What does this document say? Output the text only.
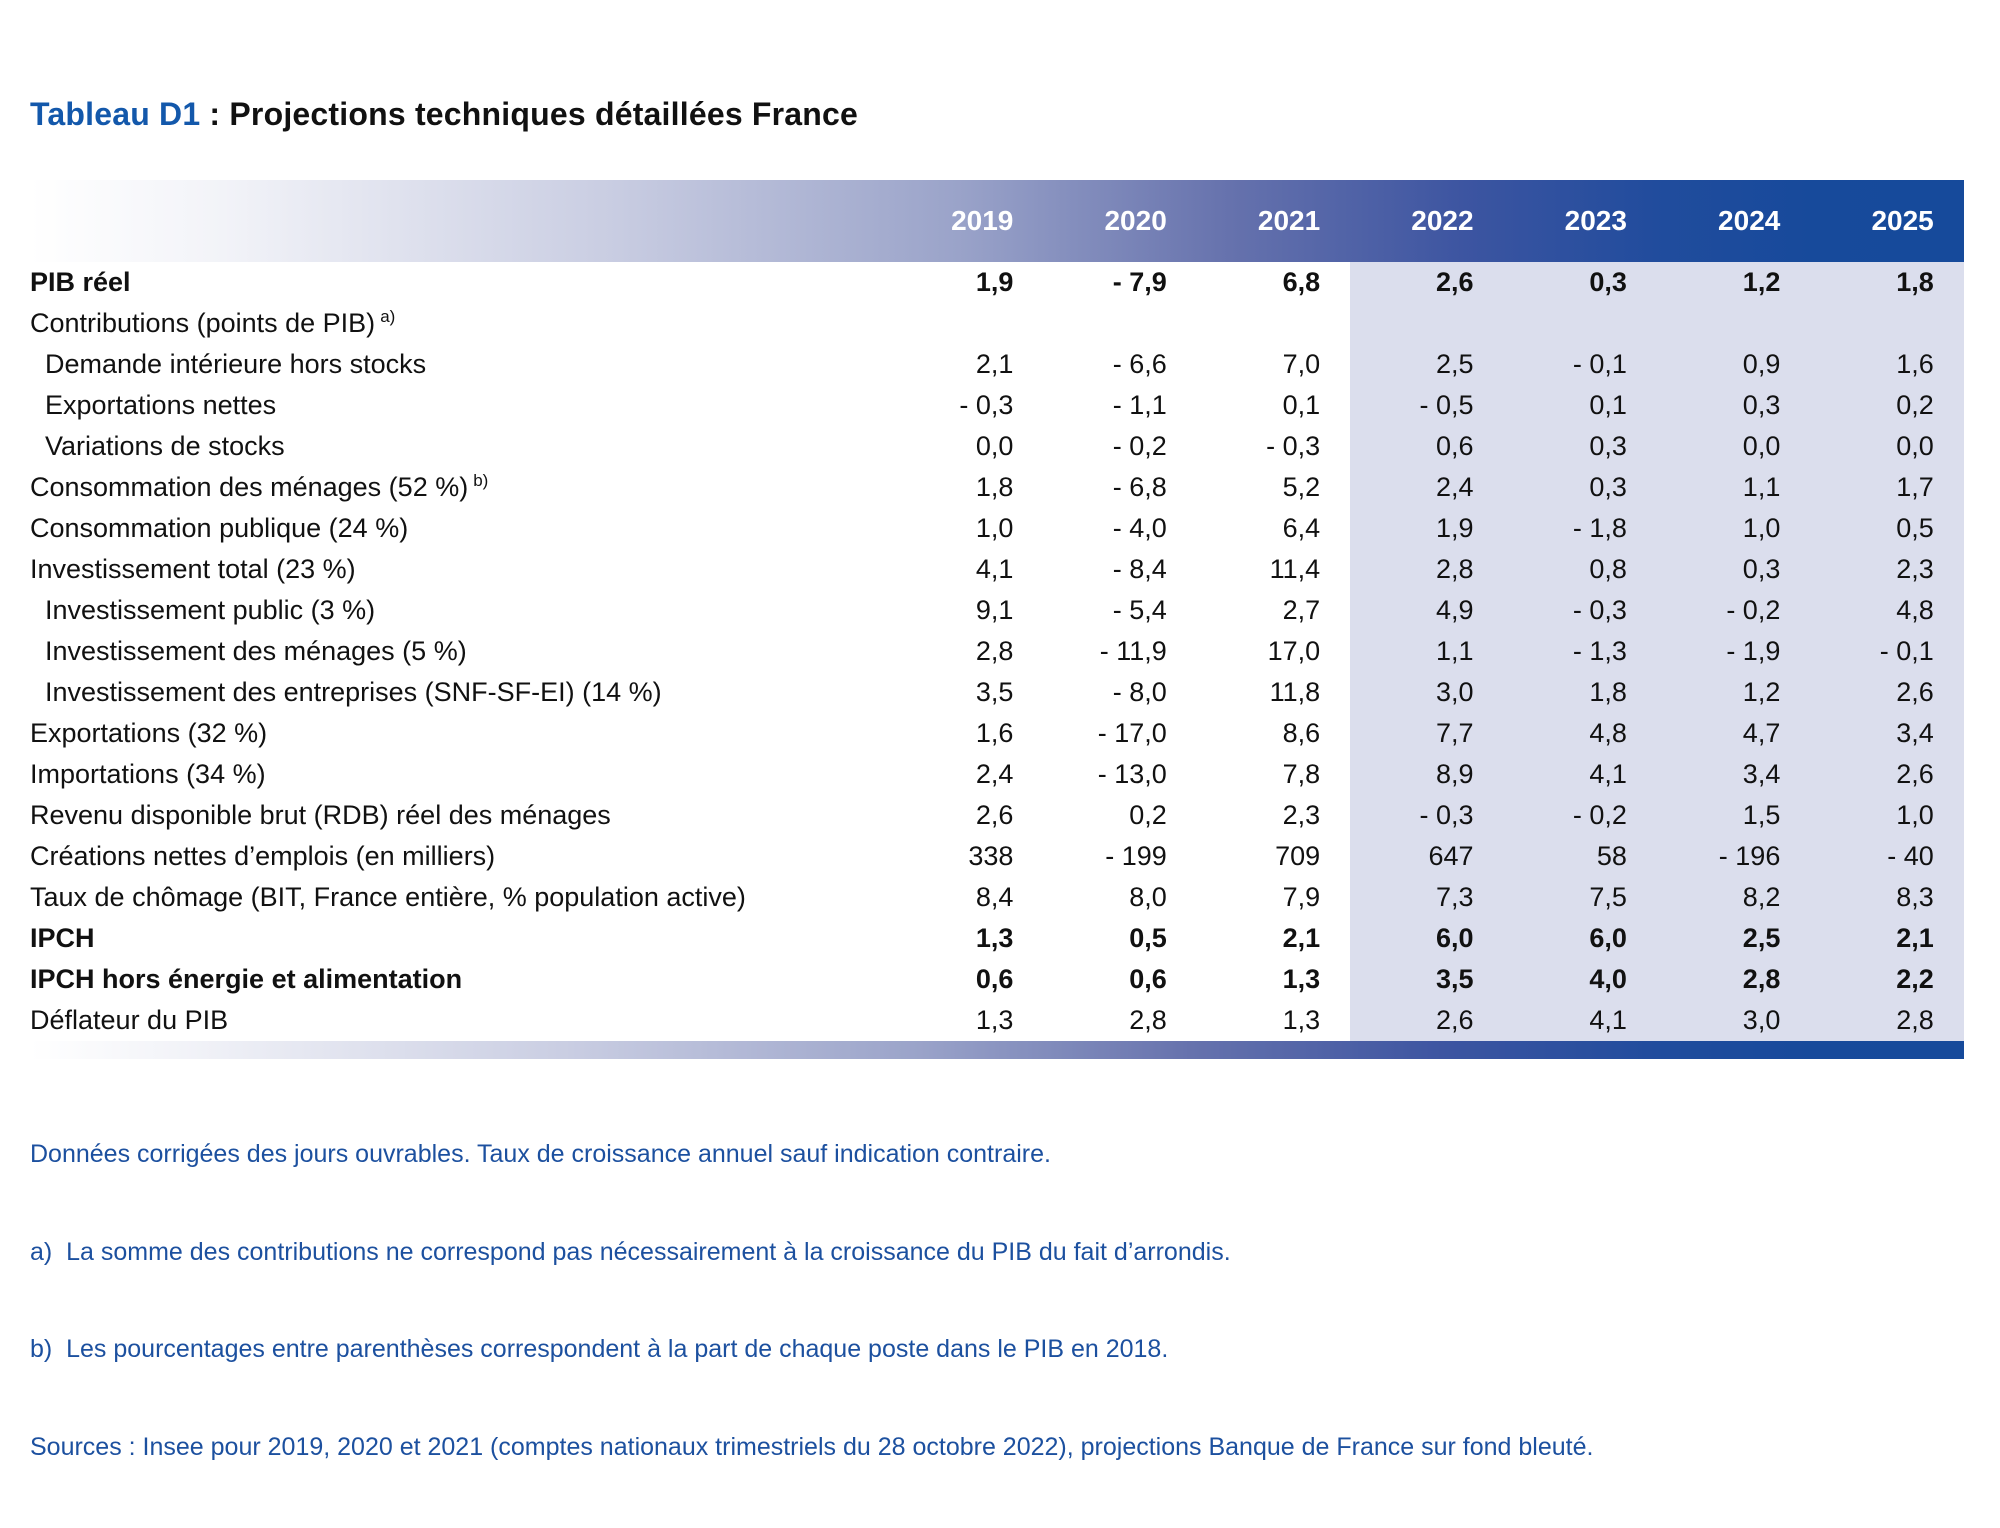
Tableau D1 : Projections techniques détaillées France
2019	2020	2021	2022	2023	2024	2025
PIB réel	1,9	- 7,9	6,8	2,6	0,3	1,2	1,8
Contributions (points de PIB) $^{a)}$
Demande intérieure hors stocks	2,1	- 6,6	7,0	2,5	- 0,1	0,9	1,6
Exportations nettes	- 0,3	- 1,1	0,1	- 0,5	0,1	0,3	0,2
Variations de stocks	0,0	- 0,2	- 0,3	0,6	0,3	0,0	0,0
Consommation des ménages (52 %) $^{b)}$	1,8	- 6,8	5,2	2,4	0,3	1,1	1,7
Consommation publique (24 %)	1,0	- 4,0	6,4	1,9	- 1,8	1,0	0,5
Investissement total (23 %)	4,1	- 8,4	11,4	2,8	0,8	0,3	2,3
Investissement public (3 %)	9,1	- 5,4	2,7	4,9	- 0,3	- 0,2	4,8
Investissement des ménages (5 %)	2,8	- 11,9	17,0	1,1	- 1,3	- 1,9	- 0,1
Investissement des entreprises (SNF-SF-EI) (14 %)	3,5	- 8,0	11,8	3,0	1,8	1,2	2,6
Exportations (32 %)	1,6	- 17,0	8,6	7,7	4,8	4,7	3,4
Importations (34 %)	2,4	- 13,0	7,8	8,9	4,1	3,4	2,6
Revenu disponible brut (RDB) réel des ménages	2,6	0,2	2,3	- 0,3	- 0,2	1,5	1,0
Créations nettes d’emplois (en milliers)	338	- 199	709	647	58	- 196	- 40
Taux de chômage (BIT, France entière, % population active)	8,4	8,0	7,9	7,3	7,5	8,2	8,3
IPCH	1,3	0,5	2,1	6,0	6,0	2,5	2,1
IPCH hors énergie et alimentation	0,6	0,6	1,3	3,5	4,0	2,8	2,2
Déflateur du PIB	1,3	2,8	1,3	2,6	4,1	3,0	2,8

Données corrigées des jours ouvrables. Taux de croissance annuel sauf indication contraire.

a)  La somme des contributions ne correspond pas nécessairement à la croissance du PIB du fait d’arrondis.

b)  Les pourcentages entre parenthèses correspondent à la part de chaque poste dans le PIB en 2018.

Sources : Insee pour 2019, 2020 et 2021 (comptes nationaux trimestriels du 28 octobre 2022), projections Banque de France sur fond bleuté.
